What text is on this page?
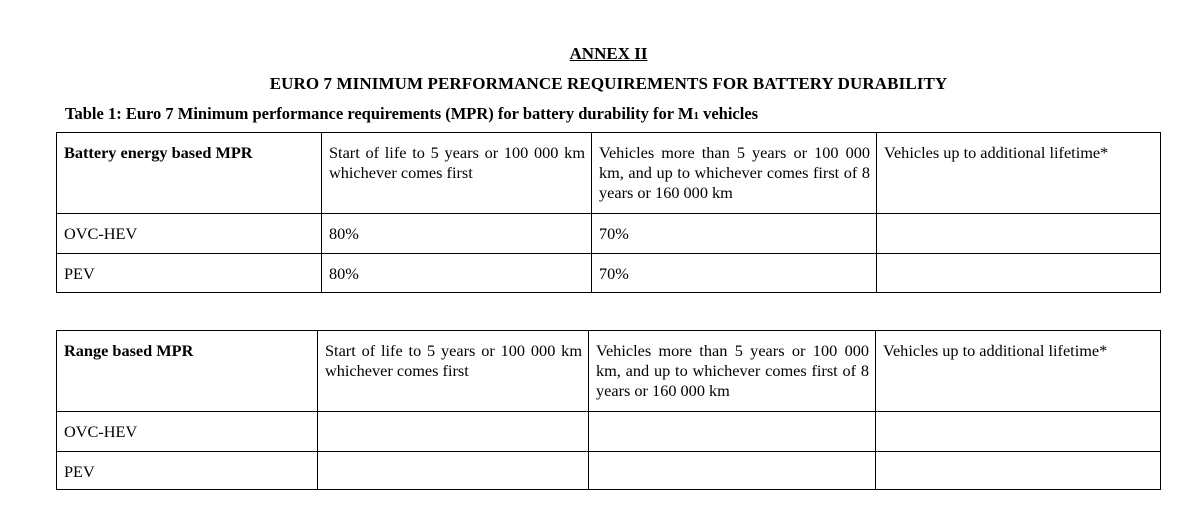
ANNEX II
EURO 7 MINIMUM PERFORMANCE REQUIREMENTS FOR BATTERY DURABILITY
Table 1: Euro 7 Minimum performance requirements (MPR) for battery durability for M1 vehicles
Battery energy based MPR	Start of life to 5 years or 100 000 km whichever comes first	Vehicles more than 5 years or 100 000 km, and up to whichever comes first of 8 years or 160 000 km	Vehicles up to additional lifetime*

OVC-HEV	80%	70%	

PEV	80%	70%	

Range based MPR	Start of life to 5 years or 100 000 km whichever comes first	Vehicles more than 5 years or 100 000 km, and up to whichever comes first of 8 years or 160 000 km	Vehicles up to additional lifetime*

OVC-HEV			

PEV			
